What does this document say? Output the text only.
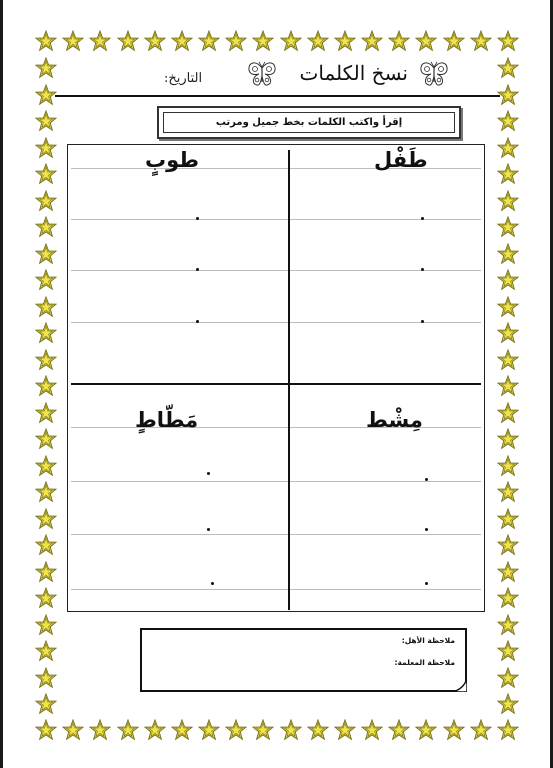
نسخ الكلمات
التاريخ:
إقرأ واكتب الكلمات بخط جميل ومرتب
طَفْل
طوبٍ
مِشْط
مَطّاطٍ
ملاحظة الأهل:
ملاحظة المعلمة:
